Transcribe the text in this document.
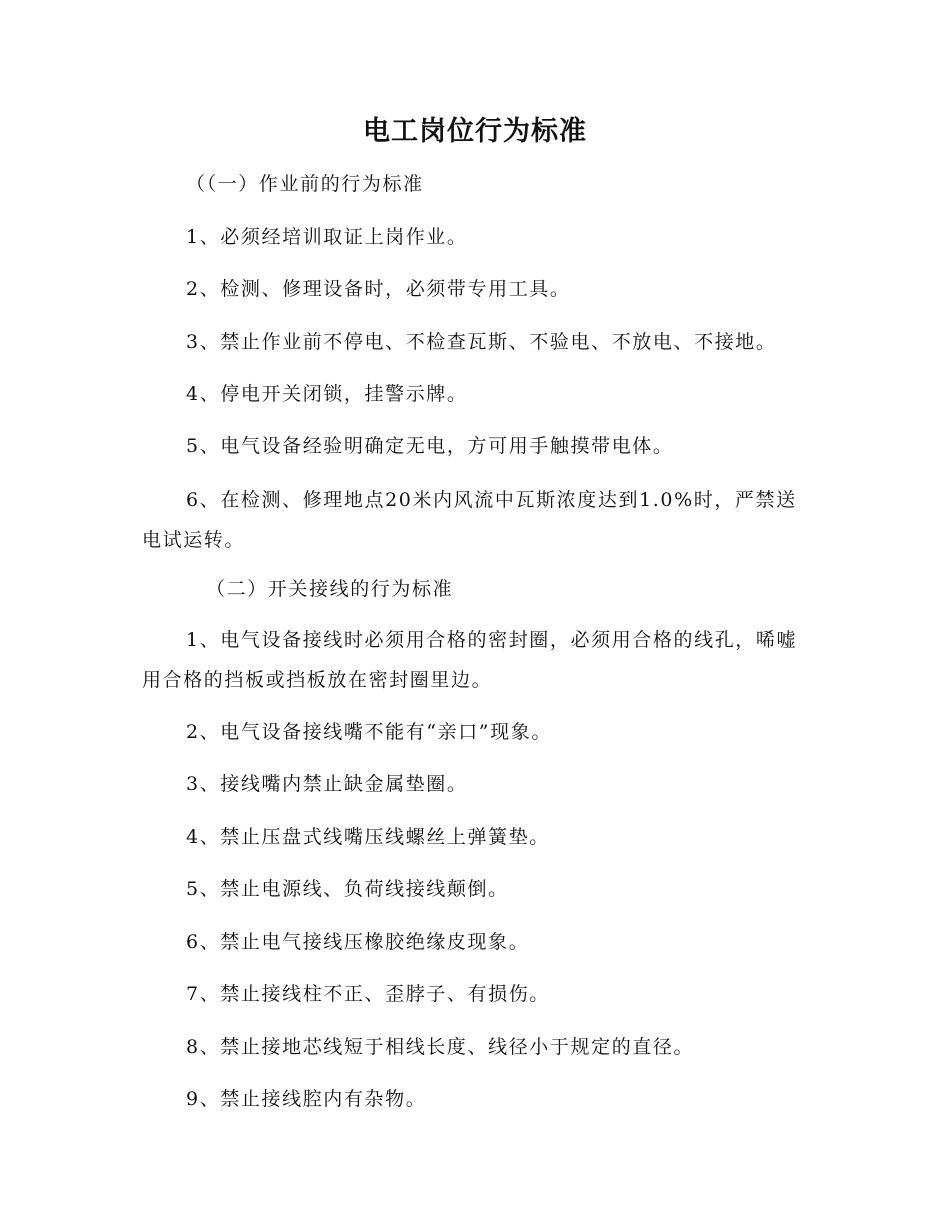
电工岗位行为标准
（（一）作业前的行为标准
1、必须经培训取证上岗作业。
2、检测、修理设备时，必须带专用工具。
3、禁止作业前不停电、不检查瓦斯、不验电、不放电、不接地。
4、停电开关闭锁，挂警示牌。
5、电气设备经验明确定无电，方可用手触摸带电体。
6、在检测、修理地点20米内风流中瓦斯浓度达到1.0%时，严禁送电试运转。
（二）开关接线的行为标准
1、电气设备接线时必须用合格的密封圈，必须用合格的线孔，唏嘘用合格的挡板或挡板放在密封圈里边。
2、电气设备接线嘴不能有“亲口”现象。
3、接线嘴内禁止缺金属垫圈。
4、禁止压盘式线嘴压线螺丝上弹簧垫。
5、禁止电源线、负荷线接线颠倒。
6、禁止电气接线压橡胶绝缘皮现象。
7、禁止接线柱不正、歪脖子、有损伤。
8、禁止接地芯线短于相线长度、线径小于规定的直径。
9、禁止接线腔内有杂物。
